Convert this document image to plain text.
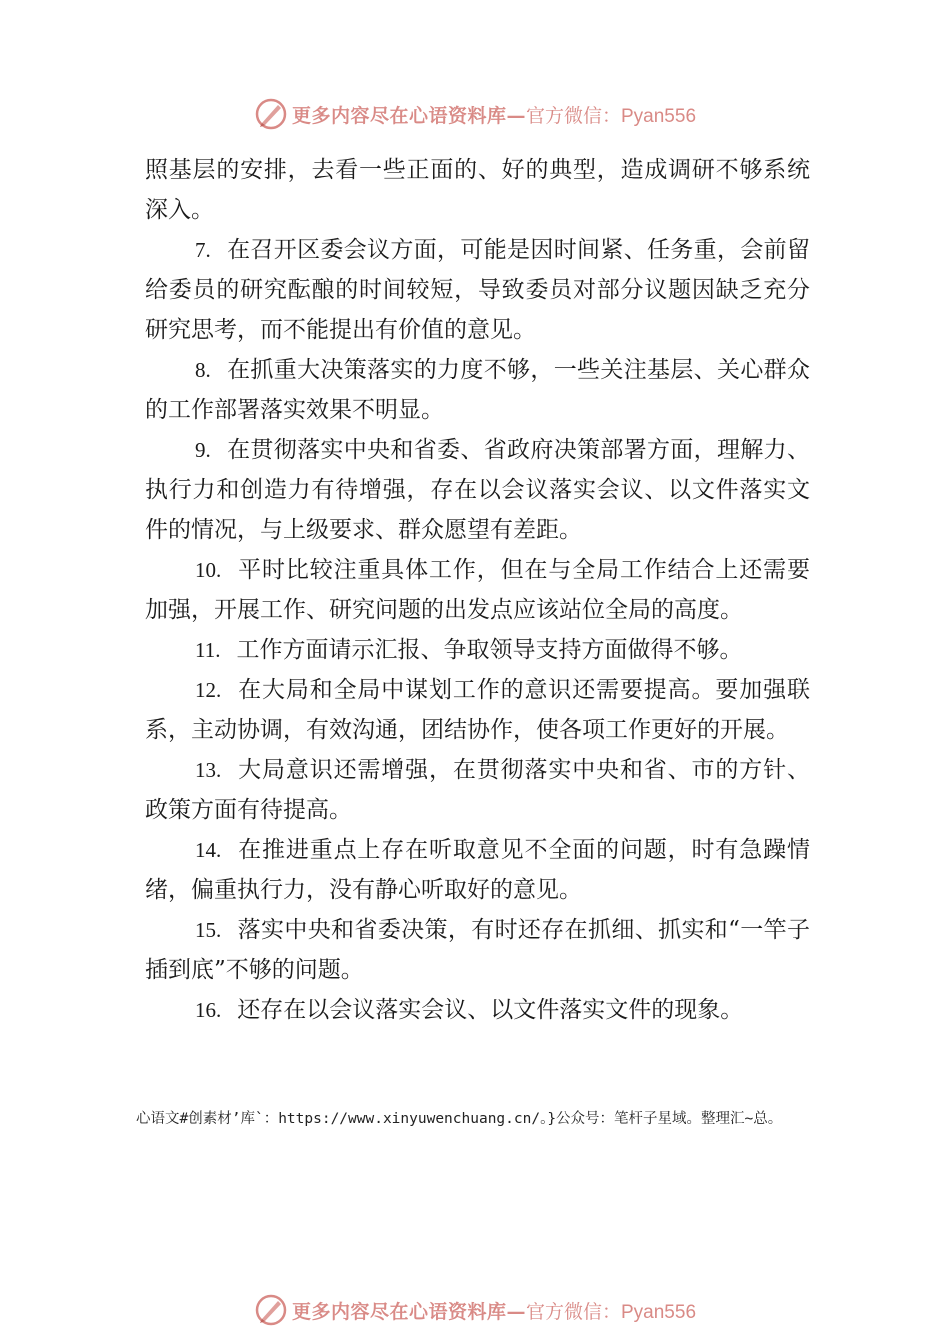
更多内容尽在心语资料库— 官方微信：Pyan556

照基层的安排，去看一些正面的、好的典型，造成调研不够系统深入。

7. 在召开区委会议方面，可能是因时间紧、任务重，会前留给委员的研究酝酿的时间较短，导致委员对部分议题因缺乏充分研究思考，而不能提出有价值的意见。

8. 在抓重大决策落实的力度不够，一些关注基层、关心群众的工作部署落实效果不明显。

9. 在贯彻落实中央和省委、省政府决策部署方面，理解力、执行力和创造力有待增强，存在以会议落实会议、以文件落实文件的情况，与上级要求、群众愿望有差距。

10. 平时比较注重具体工作，但在与全局工作结合上还需要加强，开展工作、研究问题的出发点应该站位全局的高度。

11. 工作方面请示汇报、争取领导支持方面做得不够。

12. 在大局和全局中谋划工作的意识还需要提高。要加强联系，主动协调，有效沟通，团结协作，使各项工作更好的开展。

13. 大局意识还需增强，在贯彻落实中央和省、市的方针、政策方面有待提高。

14. 在推进重点上存在听取意见不全面的问题，时有急躁情绪，偏重执行力，没有静心听取好的意见。

15. 落实中央和省委决策，有时还存在抓细、抓实和“一竿子插到底”不够的问题。

16. 还存在以会议落实会议、以文件落实文件的现象。

心语文#创素材’库`：https://www.xinyuwenchuang.cn/。}公众号：笔杆子星域。整理汇~总。
更多内容尽在心语资料库— 官方微信：Pyan556
